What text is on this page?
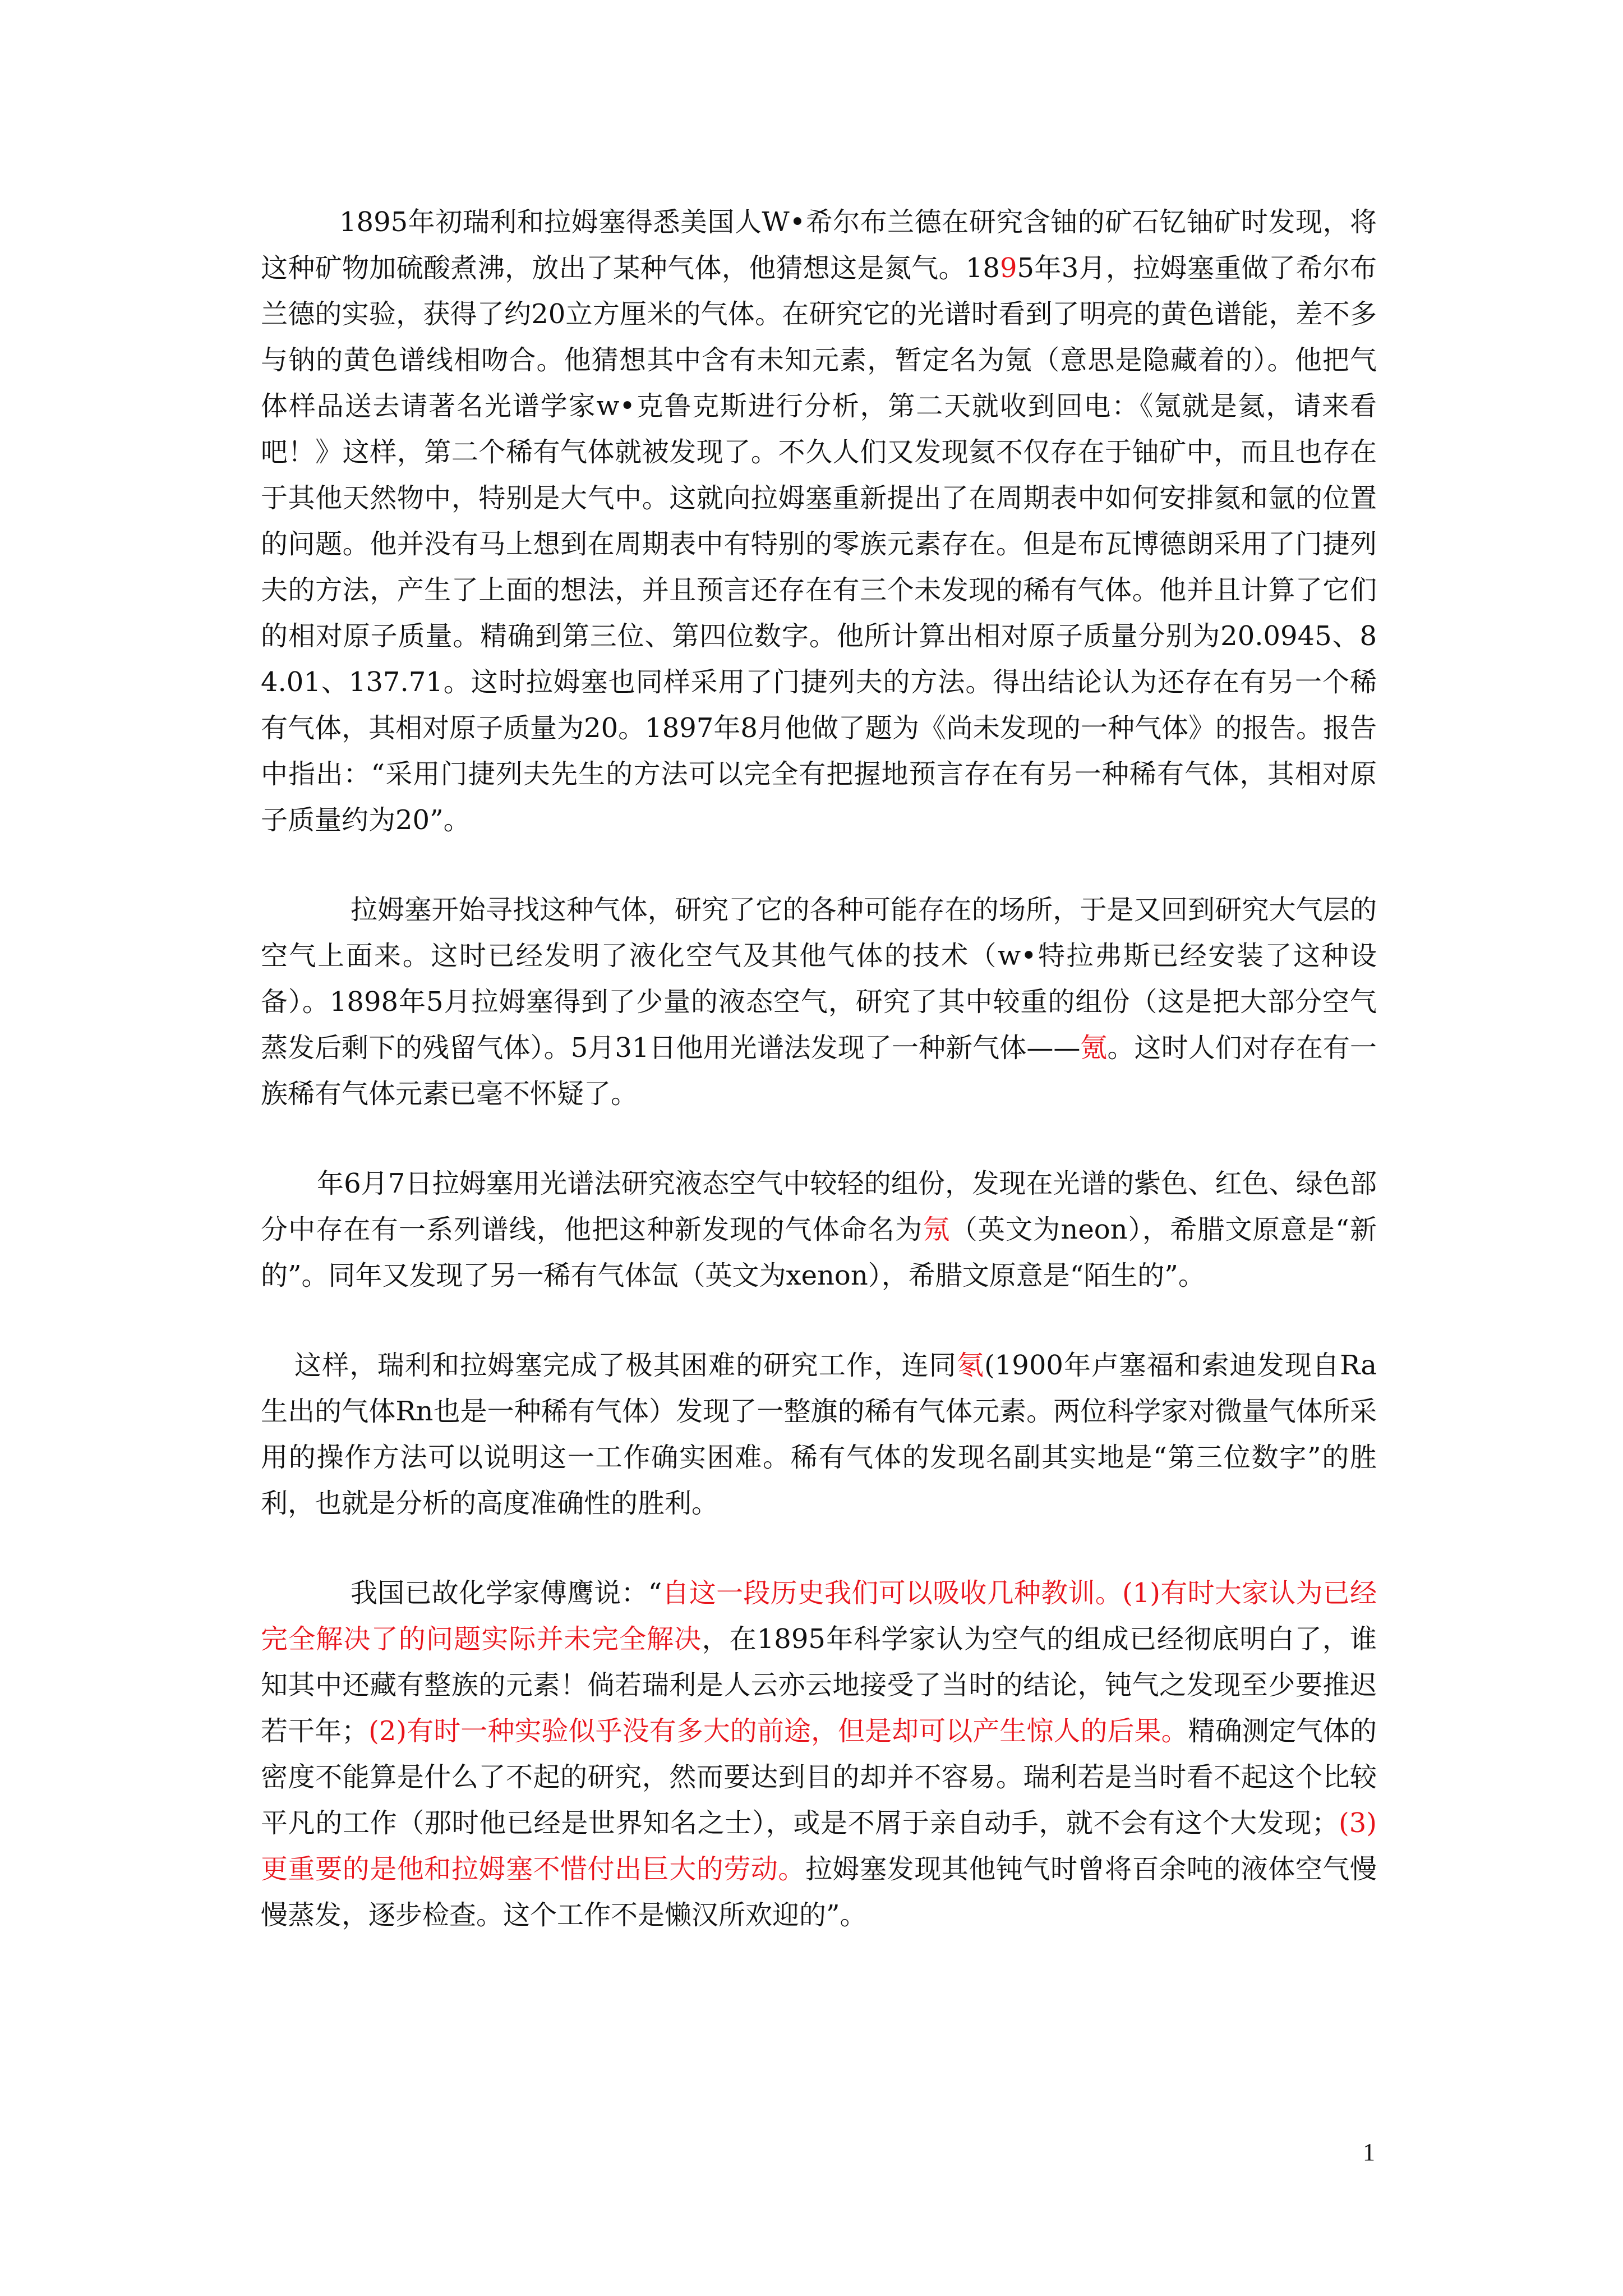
1895年初瑞利和拉姆塞得悉美国人W•希尔布兰德在研究含铀的矿石钇铀矿时发现，将这种矿物加硫酸煮沸，放出了某种气体，他猜想这是氮气。1895年3月，拉姆塞重做了希尔布兰德的实验，获得了约20立方厘米的气体。在研究它的光谱时看到了明亮的黄色谱能，差不多与钠的黄色谱线相吻合。他猜想其中含有未知元素，暂定名为氪（意思是隐藏着的）。他把气体样品送去请著名光谱学家w•克鲁克斯进行分析，第二天就收到回电：《氪就是氦，请来看吧！》这样，第二个稀有气体就被发现了。不久人们又发现氦不仅存在于铀矿中，而且也存在于其他天然物中，特别是大气中。这就向拉姆塞重新提出了在周期表中如何安排氦和氩的位置的问题。他并没有马上想到在周期表中有特别的零族元素存在。但是布瓦博德朗采用了门捷列夫的方法，产生了上面的想法，并且预言还存在有三个未发现的稀有气体。他并且计算了它们的相对原子质量。精确到第三位、第四位数字。他所计算出相对原子质量分别为20.0945、84.01、137.71。这时拉姆塞也同样采用了门捷列夫的方法。得出结论认为还存在有另一个稀有气体，其相对原子质量为20。1897年8月他做了题为《尚未发现的一种气体》的报告。报告中指出：“采用门捷列夫先生的方法可以完全有把握地预言存在有另一种稀有气体，其相对原子质量约为20”。

拉姆塞开始寻找这种气体，研究了它的各种可能存在的场所，于是又回到研究大气层的空气上面来。这时已经发明了液化空气及其他气体的技术（w•特拉弗斯已经安装了这种设备）。1898年5月拉姆塞得到了少量的液态空气，研究了其中较重的组份（这是把大部分空气蒸发后剩下的残留气体）。5月31日他用光谱法发现了一种新气体——氪。这时人们对存在有一族稀有气体元素已毫不怀疑了。

年6月7日拉姆塞用光谱法研究液态空气中较轻的组份，发现在光谱的紫色、红色、绿色部分中存在有一系列谱线，他把这种新发现的气体命名为氖（英文为neon），希腊文原意是“新的”。同年又发现了另一稀有气体氙（英文为xenon），希腊文原意是“陌生的”。

这样，瑞利和拉姆塞完成了极其困难的研究工作，连同氡(1900年卢塞福和索迪发现自Ra生出的气体Rn也是一种稀有气体）发现了一整旗的稀有气体元素。两位科学家对微量气体所采用的操作方法可以说明这一工作确实困难。稀有气体的发现名副其实地是“第三位数字”的胜利，也就是分析的高度准确性的胜利。

我国已故化学家傅鹰说：“自这一段历史我们可以吸收几种教训。(1)有时大家认为已经完全解决了的问题实际并未完全解决，在1895年科学家认为空气的组成已经彻底明白了，谁知其中还藏有整族的元素！倘若瑞利是人云亦云地接受了当时的结论，钝气之发现至少要推迟若干年；(2)有时一种实验似乎没有多大的前途，但是却可以产生惊人的后果。精确测定气体的密度不能算是什么了不起的研究，然而要达到目的却并不容易。瑞利若是当时看不起这个比较平凡的工作（那时他已经是世界知名之士），或是不屑于亲自动手，就不会有这个大发现；(3)更重要的是他和拉姆塞不惜付出巨大的劳动。拉姆塞发现其他钝气时曾将百余吨的液体空气慢慢蒸发，逐步检查。这个工作不是懒汉所欢迎的”。

1
